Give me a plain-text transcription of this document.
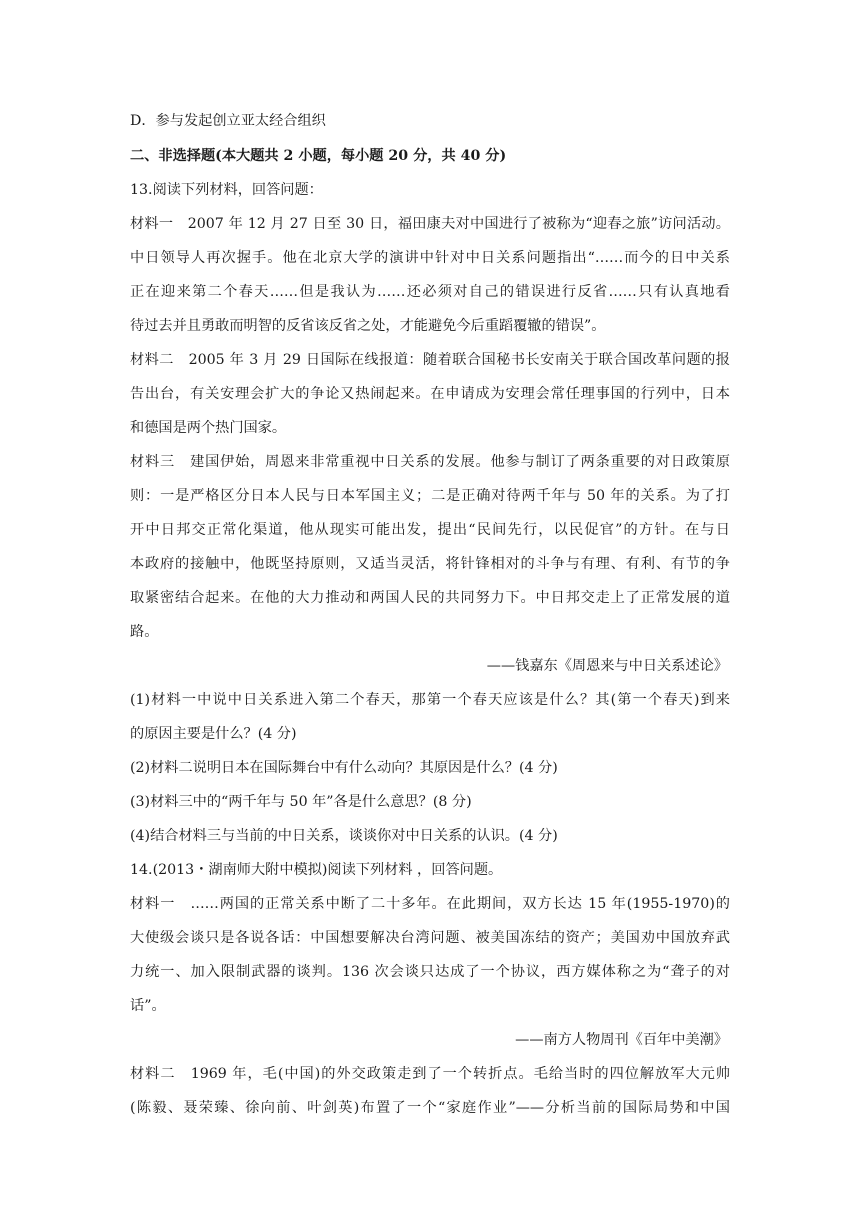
D．参与发起创立亚太经合组织
二、非选择题(本大题共 2 小题，每小题 20 分，共 40 分)
13.阅读下列材料，回答问题：
材料一　2007 年 12 月 27 日至 30 日，福田康夫对中国进行了被称为“迎春之旅”访问活动。
中日领导人再次握手。他在北京大学的演讲中针对中日关系问题指出“……而今的日中关系
正在迎来第二个春天……但是我认为……还必须对自己的错误进行反省……只有认真地看
待过去并且勇敢而明智的反省该反省之处，才能避免今后重蹈覆辙的错误”。
材料二　2005 年 3 月 29 日国际在线报道：随着联合国秘书长安南关于联合国改革问题的报
告出台，有关安理会扩大的争论又热闹起来。在申请成为安理会常任理事国的行列中，日本
和德国是两个热门国家。
材料三　建国伊始，周恩来非常重视中日关系的发展。他参与制订了两条重要的对日政策原
则：一是严格区分日本人民与日本军国主义；二是正确对待两千年与 50 年的关系。为了打
开中日邦交正常化渠道，他从现实可能出发，提出“民间先行，以民促官”的方针。在与日
本政府的接触中，他既坚持原则，又适当灵活，将针锋相对的斗争与有理、有利、有节的争
取紧密结合起来。在他的大力推动和两国人民的共同努力下。中日邦交走上了正常发展的道
路。
——钱嘉东《周恩来与中日关系述论》
(1)材料一中说中日关系进入第二个春天，那第一个春天应该是什么？其(第一个春天)到来
的原因主要是什么？(4 分)
(2)材料二说明日本在国际舞台中有什么动向？其原因是什么？(4 分)
(3)材料三中的“两千年与 50 年”各是什么意思？(8 分)
(4)结合材料三与当前的中日关系，谈谈你对中日关系的认识。(4 分)
14.(2013・湖南师大附中模拟)阅读下列材料 ，回答问题。
材料一　……两国的正常关系中断了二十多年。在此期间，双方长达 15 年(1955-1970)的
大使级会谈只是各说各话：中国想要解决台湾问题、被美国冻结的资产；美国劝中国放弃武
力统一、加入限制武器的谈判。136 次会谈只达成了一个协议，西方媒体称之为“聋子的对
话”。
——南方人物周刊《百年中美潮》
材料二　1969 年，毛(中国)的外交政策走到了一个转折点。毛给当时的四位解放军大元帅
(陈毅、聂荣臻、徐向前、叶剑英)布置了一个“家庭作业”——分析当前的国际局势和中国
